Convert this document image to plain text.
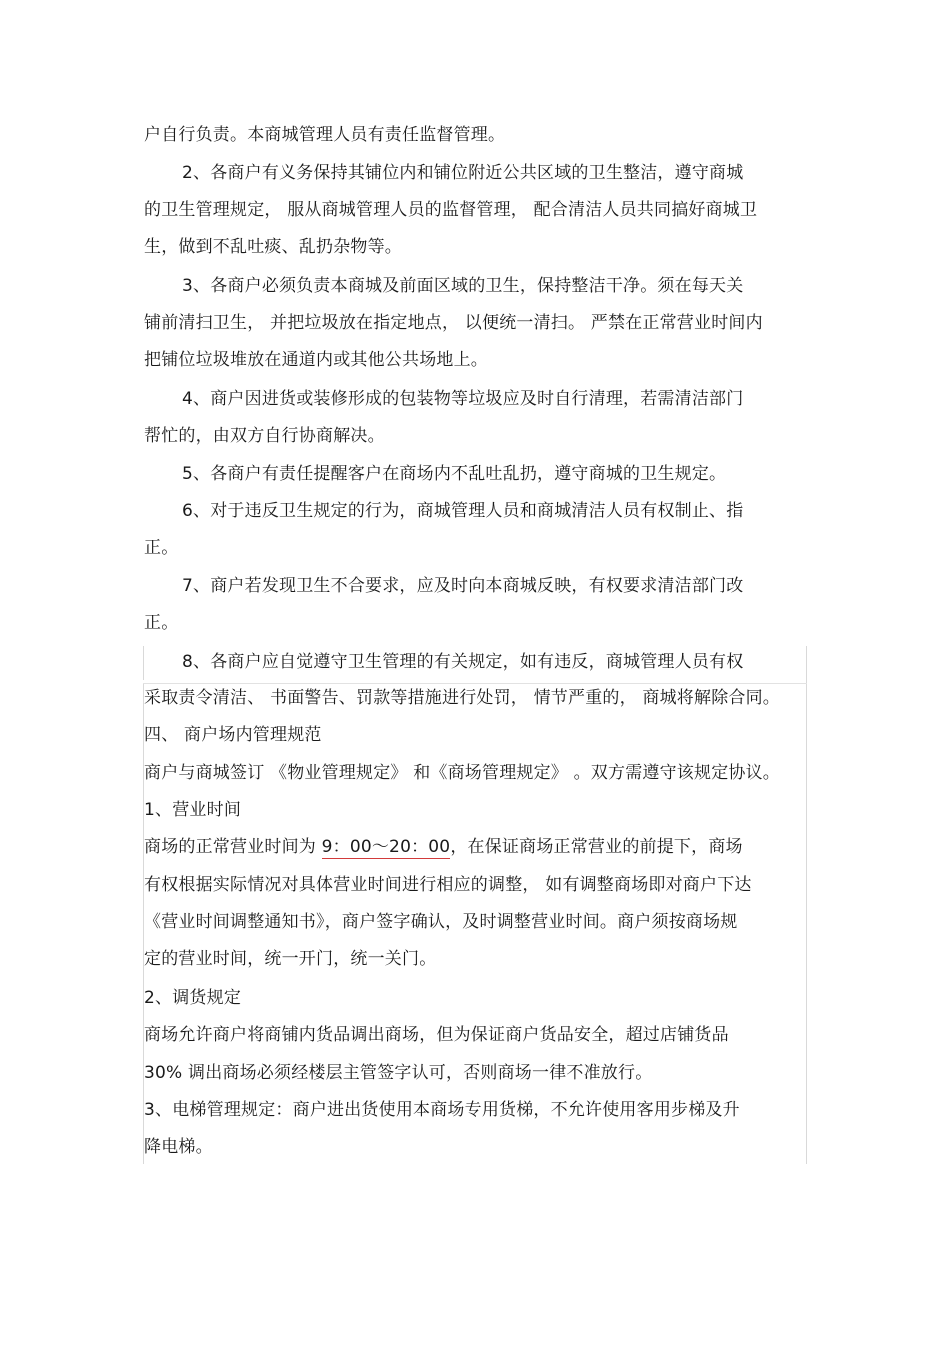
户自行负责。本商城管理人员有责任监督管理。
2、各商户有义务保持其铺位内和铺位附近公共区域的卫生整洁，遵守商城
的卫生管理规定， 服从商城管理人员的监督管理， 配合清洁人员共同搞好商城卫
生，做到不乱吐痰、乱扔杂物等。
3、各商户必须负责本商城及前面区域的卫生，保持整洁干净。须在每天关
铺前清扫卫生， 并把垃圾放在指定地点， 以便统一清扫。 严禁在正常营业时间内
把铺位垃圾堆放在通道内或其他公共场地上。
4、商户因进货或装修形成的包装物等垃圾应及时自行清理，若需清洁部门
帮忙的，由双方自行协商解决。
5、各商户有责任提醒客户在商场内不乱吐乱扔，遵守商城的卫生规定。
6、对于违反卫生规定的行为，商城管理人员和商城清洁人员有权制止、指
正。
7、商户若发现卫生不合要求，应及时向本商城反映，有权要求清洁部门改
正。
8、各商户应自觉遵守卫生管理的有关规定，如有违反，商城管理人员有权
采取责令清洁、 书面警告、罚款等措施进行处罚， 情节严重的， 商城将解除合同。
四、 商户场内管理规范
商户与商城签订 《物业管理规定》 和《商场管理规定》 。双方需遵守该规定协议。
1、营业时间
商场的正常营业时间为 9：00～20：00，在保证商场正常营业的前提下，商场
有权根据实际情况对具体营业时间进行相应的调整， 如有调整商场即对商户下达
《营业时间调整通知书》，商户签字确认，及时调整营业时间。商户须按商场规
定的营业时间，统一开门，统一关门。
2、调货规定
商场允许商户将商铺内货品调出商场，但为保证商户货品安全，超过店铺货品
30% 调出商场必须经楼层主管签字认可，否则商场一律不准放行。
3、电梯管理规定：商户进出货使用本商场专用货梯，不允许使用客用步梯及升
降电梯。
